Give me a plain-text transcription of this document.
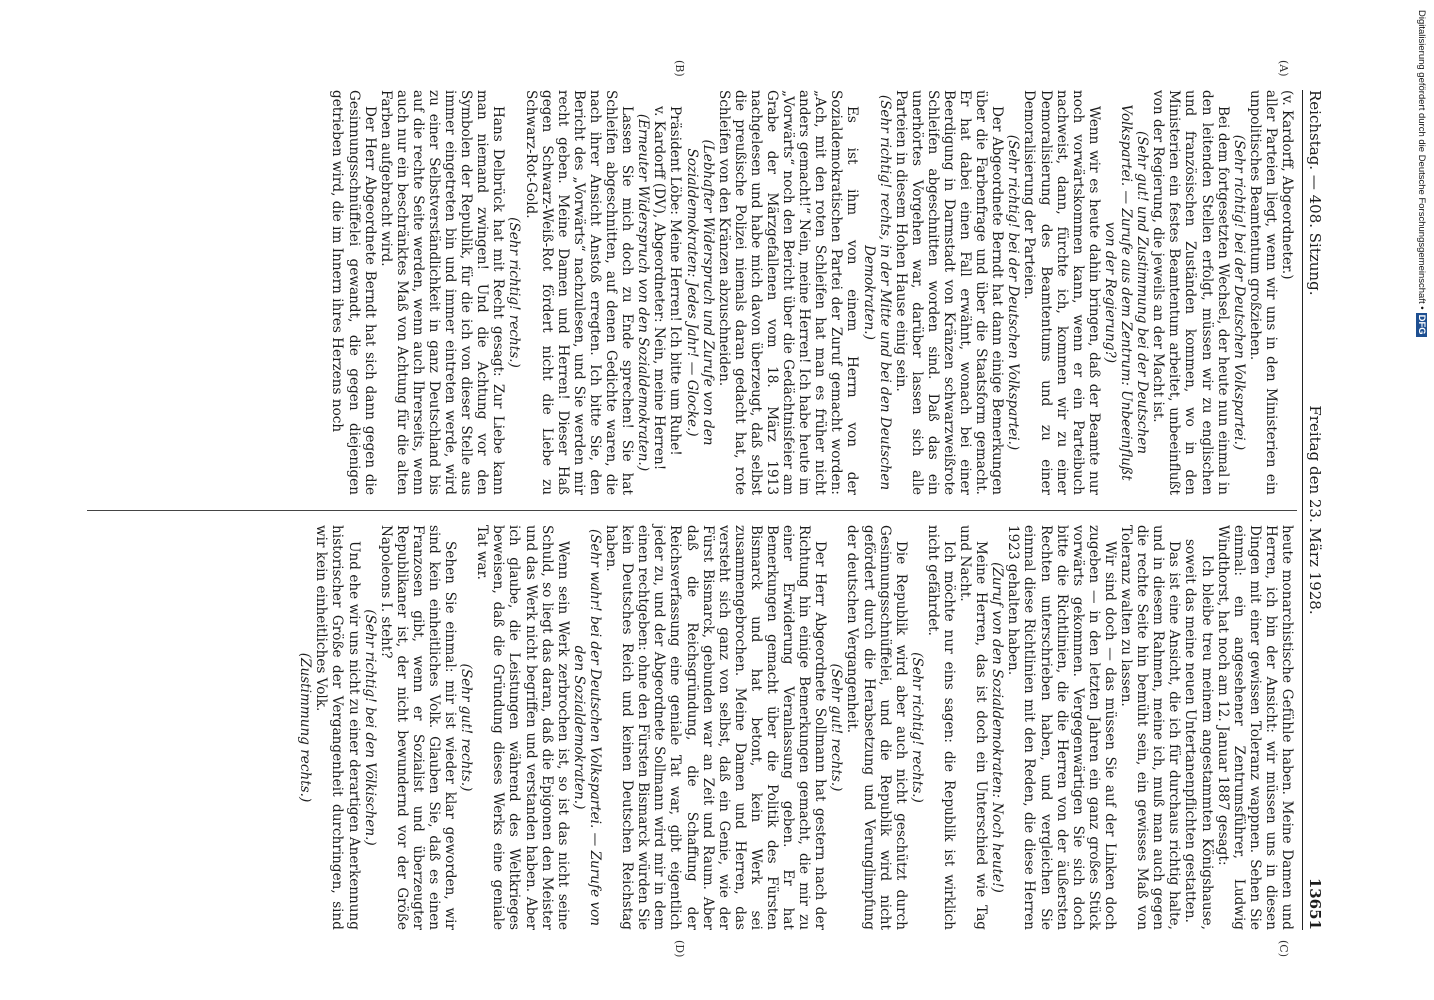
Reichstag. — 408. Sitzung.
Freitag den 23. März 1928.
13651
(A)
(B)
(C)
(D)

(v. Kardorff, Abgeordneter.)

aller Parteien liegt, wenn wir uns in den Ministerien ein unpolitisches Beamtentum großziehen.

(Sehr richtig! bei der Deutschen Volkspartei.)

Bei dem fortgesetzten Wechsel, der heute nun einmal in den leitenden Stellen erfolgt, müssen wir zu englischen und französischen Zuständen kommen, wo in den Ministerien ein festes Beamtentum arbeitet, unbeeinflußt von der Regierung, die jeweils an der Macht ist.

(Sehr gut! und Zustimmung bei der Deutschen Volkspartei. — Zurufe aus dem Zentrum: Unbeeinflußt von der Regierung?)

Wenn wir es heute dahin bringen, daß der Beamte nur noch vorwärtskommen kann, wenn er ein Parteibuch nachweist, dann, fürchte ich, kommen wir zu einer Demoralisierung des Beamtentums und zu einer Demoralisierung der Parteien.

(Sehr richtig! bei der Deutschen Volkspartei.)

Der Abgeordnete Berndt hat dann einige Bemerkungen über die Farbenfrage und über die Staatsform gemacht. Er hat dabei einen Fall erwähnt, wonach bei einer Beerdigung in Darmstadt von Kränzen schwarzweißrote Schleifen abgeschnitten worden sind. Daß das ein unerhörtes Vorgehen war, darüber lassen sich alle Parteien in diesem Hohen Hause einig sein.

(Sehr richtig! rechts, in der Mitte und bei den Deutschen Demokraten.)

Es ist ihm von einem Herrn von der Sozialdemokratischen Partei der Zuruf gemacht worden: „Ach, mit den roten Schleifen hat man es früher nicht anders gemacht!“ Nein, meine Herren! Ich habe heute im „Vorwärts“ noch den Bericht über die Gedächtnisfeier am Grabe der Märzgefallenen vom 18. März 1913 nachgelesen und habe mich davon überzeugt, daß selbst die preußische Polizei niemals daran gedacht hat, rote Schleifen von den Kränzen abzuschneiden.

(Lebhafter Widerspruch und Zurufe von den Sozialdemokraten: Jedes Jahr! — Glocke.)

Präsident Löbe: Meine Herren! Ich bitte um Ruhe!

v. Kardorff (DV), Abgeordneter: Nein, meine Herren!

(Erneuter Widerspruch von den Sozialdemokraten.)

Lassen Sie mich doch zu Ende sprechen! Sie hat Schleifen abgeschnitten, auf denen Gedichte waren, die nach ihrer Ansicht Anstoß erregten. Ich bitte Sie, den Bericht des „Vorwärts“ nachzulesen, und Sie werden mir recht geben. Meine Damen und Herren! Dieser Haß gegen Schwarz-Weiß-Rot fördert nicht die Liebe zu Schwarz-Rot-Gold.

(Sehr richtig! rechts.)

Hans Delbrück hat mit Recht gesagt: Zur Liebe kann man niemand zwingen! Und die Achtung vor den Symbolen der Republik, für die ich von dieser Stelle aus immer eingetreten bin und immer eintreten werde, wird zu einer Selbstverständlichkeit in ganz Deutschland bis auf die rechte Seite werden, wenn auch Ihrerseits, wenn auch nur ein beschränktes Maß von Achtung für die alten Farben aufgebracht wird.

Der Herr Abgeordnete Berndt hat sich dann gegen die Gesinnungsschnüffelei gewandt, die gegen diejenigen getrieben wird, die im Innern ihres Herzens noch

heute monarchistische Gefühle haben. Meine Damen und Herren, ich bin der Ansicht: wir müssen uns in diesen Dingen mit einer gewissen Toleranz wappnen. Sehen Sie einmal: ein angesehener Zentrumsführer, Ludwig Windthorst, hat noch am 12. Januar 1887 gesagt:

Ich bleibe treu meinem angestammten Königshause, soweit das meine neuen Untertanenpflichten gestatten.

Das ist eine Ansicht, die ich für durchaus richtig halte, und in diesem Rahmen, meine ich, muß man auch gegen die rechte Seite hin bemüht sein, ein gewisses Maß von Toleranz walten zu lassen.

Wir sind doch — das müssen Sie auf der Linken doch zugeben — in den letzten Jahren ein ganz großes Stück vorwärts gekommen. Vergegenwärtigen Sie sich doch bitte die Richtlinien, die die Herren von der äußersten Rechten unterschrieben haben, und vergleichen Sie einmal diese Richtlinien mit den Reden, die diese Herren 1923 gehalten haben.

(Zuruf von den Sozialdemokraten: Noch heute!)

Meine Herren, das ist doch ein Unterschied wie Tag und Nacht.

Ich möchte nur eins sagen: die Republik ist wirklich nicht gefährdet.

(Sehr richtig! rechts.)

Die Republik wird aber auch nicht geschützt durch Gesinnungsschnüffelei, und die Republik wird nicht gefördert durch die Herabsetzung und Verunglimpfung der deutschen Vergangenheit.

(Sehr gut! rechts.)

Der Herr Abgeordnete Sollmann hat gestern nach der Richtung hin einige Bemerkungen gemacht, die mir zu einer Erwiderung Veranlassung geben. Er hat Bemerkungen gemacht über die Politik des Fürsten Bismarck und hat betont, kein Werk sei zusammengebrochen. Meine Damen und Herren, das versteht sich ganz von selbst, daß ein Genie, wie der Fürst Bismarck, gebunden war an Zeit und Raum. Aber daß die Reichsgründung, die Schaffung der Reichsverfassung eine geniale Tat war, gibt eigentlich jeder zu, und der Abgeordnete Sollmann wird mir in dem einen rechtgeben: ohne den Fürsten Bismarck würden Sie kein Deutsches Reich und keinen Deutschen Reichstag haben.

(Sehr wahr! bei der Deutschen Volkspartei. — Zurufe von den Sozialdemokraten.)

Wenn sein Werk zerbrochen ist, so ist das nicht seine Schuld, so liegt das daran, daß die Epigonen den Meister und das Werk nicht begriffen und verstanden haben. Aber ich glaube, die Leistungen während des Weltkrieges beweisen, daß die Gründung dieses Werks eine geniale Tat war.

(Sehr gut! rechts.)

Sehen Sie einmal: mir ist wieder klar geworden, wir sind kein einheitliches Volk. Glauben Sie, daß es einen Franzosen gibt, wenn er Sozialist und überzeugter Republikaner ist, der nicht bewundernd vor der Größe Napoleons I. steht?

(Sehr richtig! bei den Völkischen.)

Und ehe wir uns nicht zu einer derartigen Anerkennung historischer Größe der Vergangenheit durchringen, sind wir kein einheitliches Volk.

(Zustimmung rechts.)

Digitalisierung gefördert durch die Deutsche Forschungsgemeinschaft •DFG
